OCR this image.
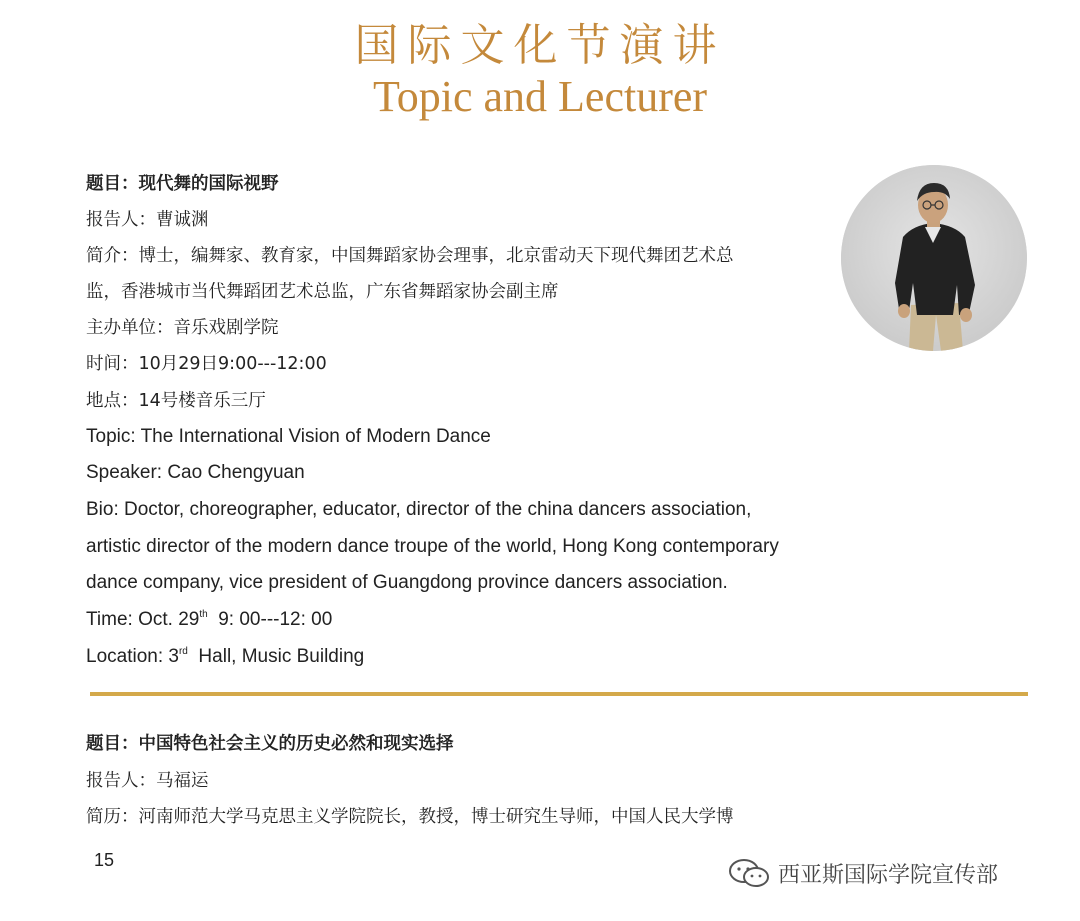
国际文化节演讲
Topic and Lecturer
题目：现代舞的国际视野
报告人：曹诚渊
简介：博士，编舞家、教育家，中国舞蹈家协会理事，北京雷动天下现代舞团艺术总
监，香港城市当代舞蹈团艺术总监，广东省舞蹈家协会副主席
主办单位：音乐戏剧学院
时间：10月29日9:00---12:00
地点：14号楼音乐三厅
Topic: The International Vision of Modern Dance
Speaker: Cao Chengyuan
Bio: Doctor, choreographer, educator, director of the china dancers association,
artistic director of the modern dance troupe of the world, Hong Kong contemporary
dance company, vice president of Guangdong province dancers association.
Time: Oct. 29th  9: 00---12: 00
Location: 3rd  Hall, Music Building
题目：中国特色社会主义的历史必然和现实选择
报告人：马福运
简历：河南师范大学马克思主义学院院长，教授，博士研究生导师，中国人民大学博
15
西亚斯国际学院宣传部
